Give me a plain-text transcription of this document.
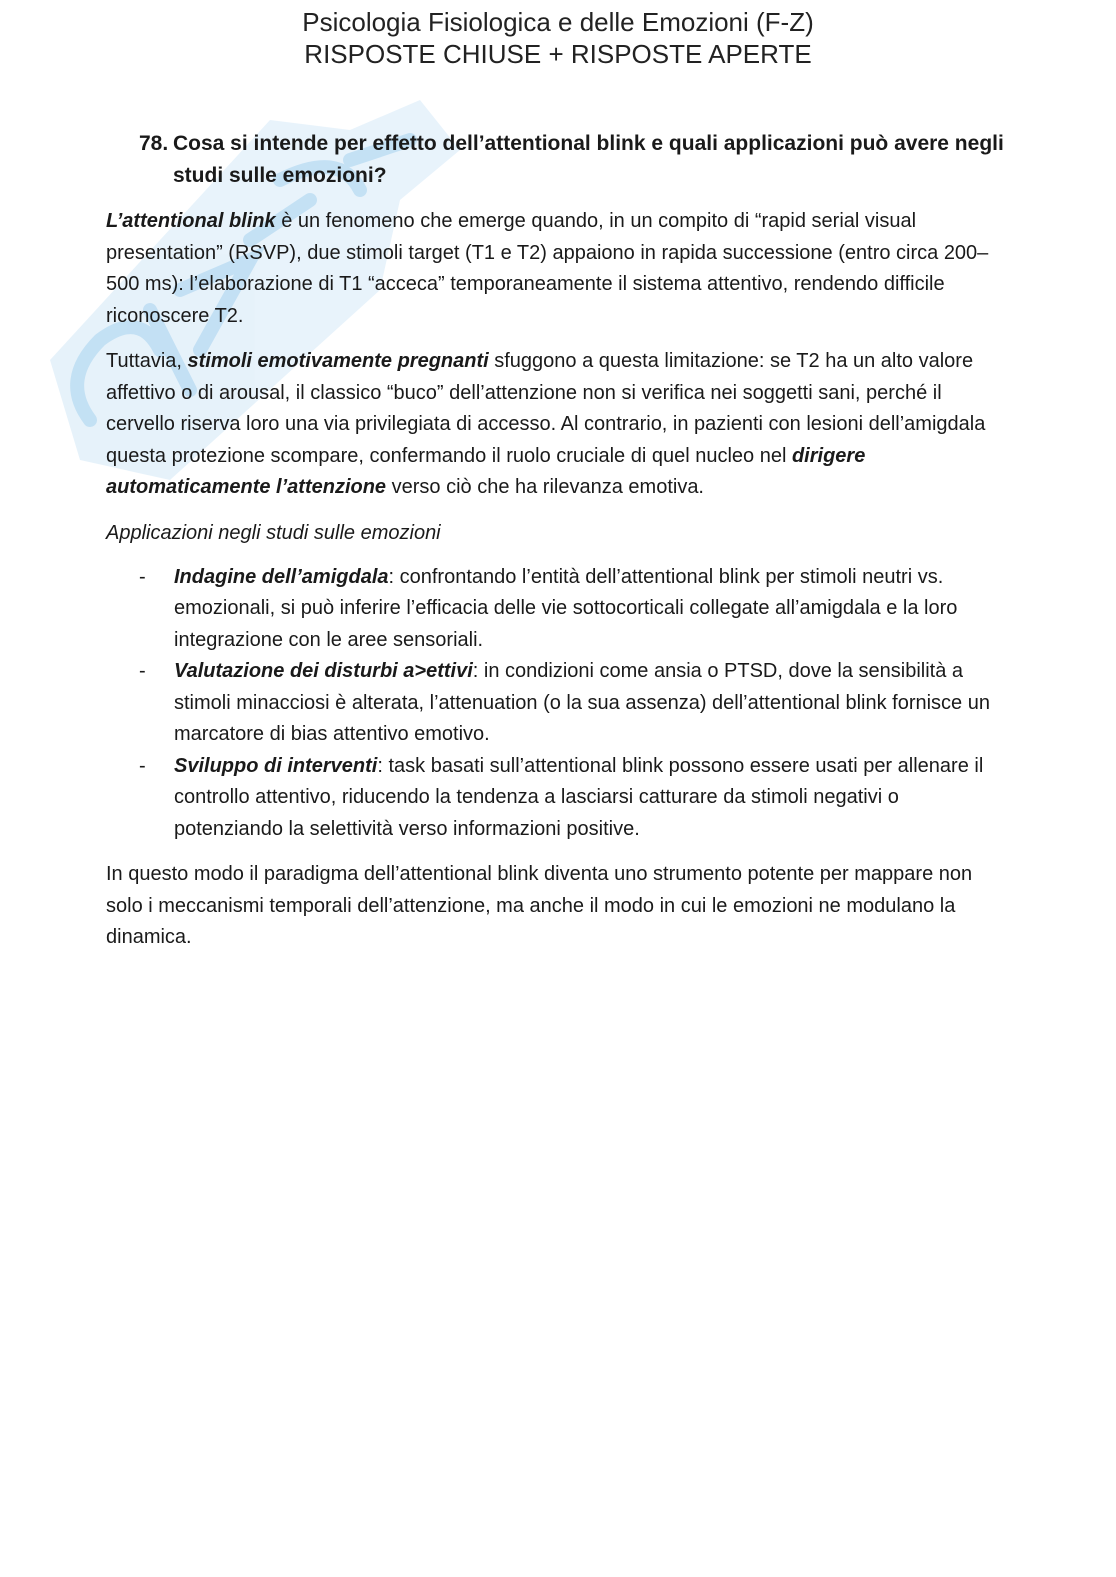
Psicologia Fisiologica e delle Emozioni (F-Z)
RISPOSTE CHIUSE + RISPOSTE APERTE
78. Cosa si intende per effetto dell’attentional blink e quali applicazioni può avere negli studi sulle emozioni?

L’attentional blink è un fenomeno che emerge quando, in un compito di “rapid serial visual presentation” (RSVP), due stimoli target (T1 e T2) appaiono in rapida successione (entro circa 200–500 ms): l’elaborazione di T1 “acceca” temporaneamente il sistema attentivo, rendendo difficile riconoscere T2.

Tuttavia, stimoli emotivamente pregnanti sfuggono a questa limitazione: se T2 ha un alto valore affettivo o di arousal, il classico “buco” dell’attenzione non si verifica nei soggetti sani, perché il cervello riserva loro una via privilegiata di accesso. Al contrario, in pazienti con lesioni dell’amigdala questa protezione scompare, confermando il ruolo cruciale di quel nucleo nel dirigere automaticamente l’attenzione verso ciò che ha rilevanza emotiva.

Applicazioni negli studi sulle emozioni
-	Indagine dell’amigdala: confrontando l’entità dell’attentional blink per stimoli neutri vs. emozionali, si può inferire l’efficacia delle vie sottocorticali collegate all’amigdala e la loro integrazione con le aree sensoriali.
-	Valutazione dei disturbi a>ettivi: in condizioni come ansia o PTSD, dove la sensibilità a stimoli minacciosi è alterata, l’attenuation (o la sua assenza) dell’attentional blink fornisce un marcatore di bias attentivo emotivo.
-	Sviluppo di interventi: task basati sull’attentional blink possono essere usati per allenare il controllo attentivo, riducendo la tendenza a lasciarsi catturare da stimoli negativi o potenziando la selettività verso informazioni positive.

In questo modo il paradigma dell’attentional blink diventa uno strumento potente per mappare non solo i meccanismi temporali dell’attenzione, ma anche il modo in cui le emozioni ne modulano la dinamica.
